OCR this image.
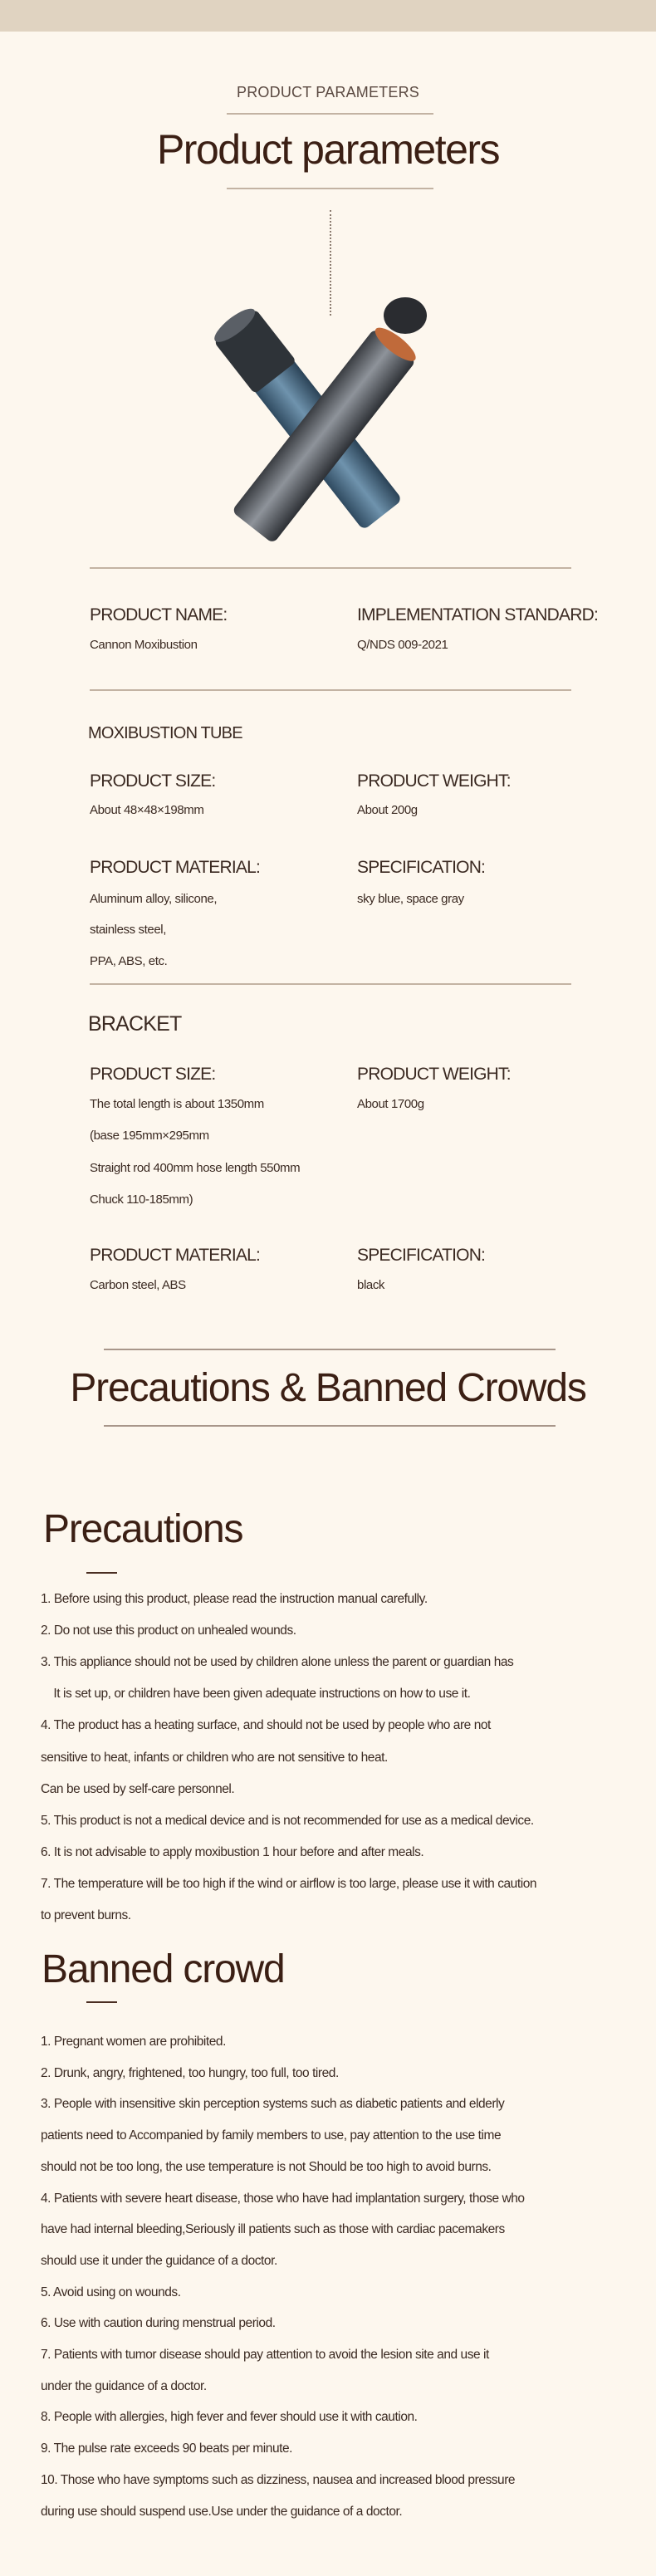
PRODUCT PARAMETERS
Product parameters
PRODUCT NAME:
Cannon Moxibustion
IMPLEMENTATION STANDARD:
Q/NDS 009-2021
MOXIBUSTION TUBE
PRODUCT SIZE:
About 48×48×198mm
PRODUCT WEIGHT:
About 200g
PRODUCT MATERIAL:
Aluminum alloy, silicone,
stainless steel,
PPA, ABS, etc.
SPECIFICATION:
sky blue, space gray
BRACKET
PRODUCT SIZE:
The total length is about 1350mm
(base 195mm×295mm
Straight rod 400mm hose length 550mm
Chuck 110-185mm)
PRODUCT WEIGHT:
About 1700g
PRODUCT MATERIAL:
Carbon steel, ABS
SPECIFICATION:
black
Precautions & Banned Crowds
Precautions
1. Before using this product, please read the instruction manual carefully.
2. Do not use this product on unhealed wounds.
3. This appliance should not be used by children alone unless the parent or guardian has
It is set up, or children have been given adequate instructions on how to use it.
4. The product has a heating surface, and should not be used by people who are not
sensitive to heat, infants or children who are not sensitive to heat.
Can be used by self-care personnel.
5. This product is not a medical device and is not recommended for use as a medical device.
6. It is not advisable to apply moxibustion 1 hour before and after meals.
7. The temperature will be too high if the wind or airflow is too large, please use it with caution
to prevent burns.
Banned crowd
1. Pregnant women are prohibited.
2. Drunk, angry, frightened, too hungry, too full, too tired.
3. People with insensitive skin perception systems such as diabetic patients and elderly
patients need to Accompanied by family members to use, pay attention to the use time
should not be too long, the use temperature is not Should be too high to avoid burns.
4. Patients with severe heart disease, those who have had implantation surgery, those who
have had internal bleeding,Seriously ill patients such as those with cardiac pacemakers
should use it under the guidance of a doctor.
5. Avoid using on wounds.
6. Use with caution during menstrual period.
7. Patients with tumor disease should pay attention to avoid the lesion site and use it
under the guidance of a doctor.
8. People with allergies, high fever and fever should use it with caution.
9. The pulse rate exceeds 90 beats per minute.
10. Those who have symptoms such as dizziness, nausea and increased blood pressure
during use should suspend use.Use under the guidance of a doctor.
